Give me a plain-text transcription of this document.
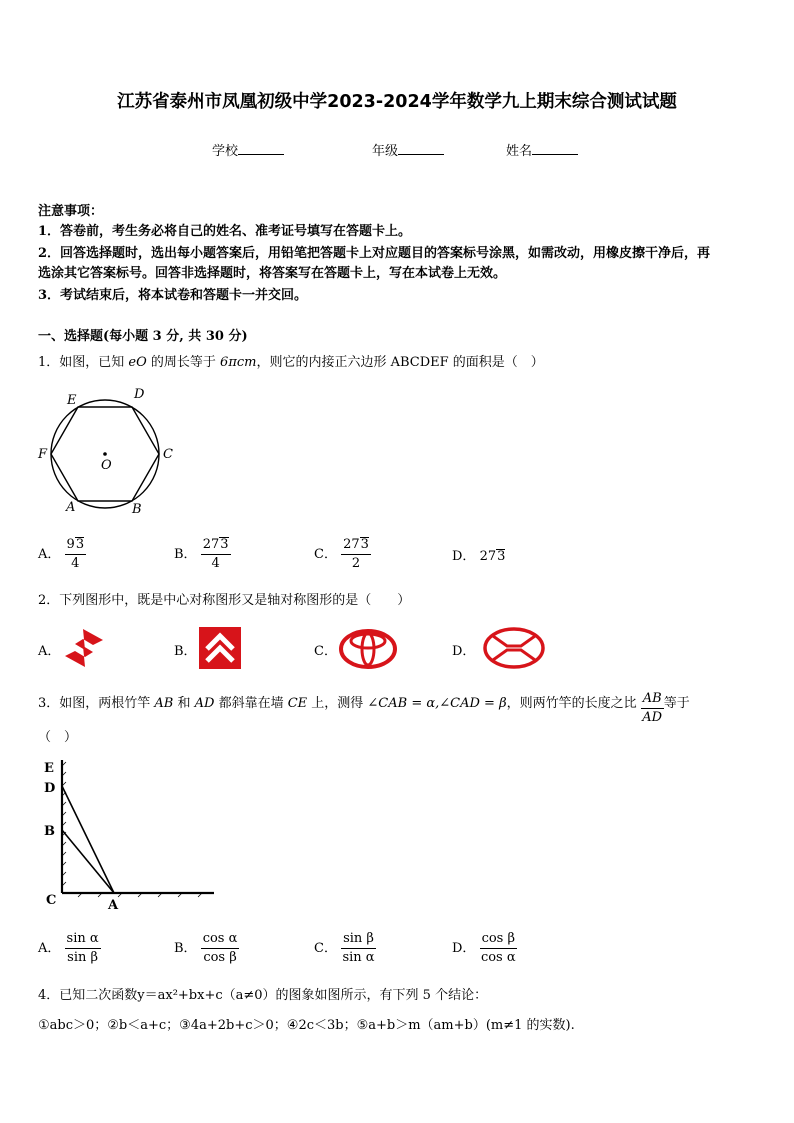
江苏省泰州市凤凰初级中学2023-2024学年数学九上期末综合测试试题
学校	年级	姓名
注意事项：
1．答卷前，考生务必将自己的姓名、准考证号填写在答题卡上。
2．回答选择题时，选出每小题答案后，用铅笔把答题卡上对应题目的答案标号涂黑，如需改动，用橡皮擦干净后，再
选涂其它答案标号。回答非选择题时，将答案写在答题卡上，写在本试卷上无效。
3．考试结束后，将本试卷和答题卡一并交回。
一、选择题(每小题 3 分, 共 30 分)
1．如图，已知 eO 的周长等于 6πcm，则它的内接正六边形 ABCDEF 的面积是（　）
O
E	D
C
F
A	B
A． $\frac{93}{4}$	B． $\frac{273}{4}$	C． $\frac{273}{2}$	D． 273
2．下列图形中，既是中心对称图形又是轴对称图形的是（　　）
A．	B．	C．	D．
3．如图，两根竹竿 AB 和 AD 都斜靠在墙 CE 上，测得 ∠CAB = α,∠CAD = β，则两竹竿的长度之比 $\frac{AB}{AD}$ 等于
（　）
E
D
B
C	A
A． $\frac{\text{sin α}}{\text{sin β}}$	B． $\frac{\text{cos α}}{\text{cos β}}$	C． $\frac{\text{sin β}}{\text{sin α}}$	D． $\frac{\text{cos β}}{\text{cos α}}$
4．已知二次函数y＝ax²+bx+c（a≠0）的图象如图所示，有下列 5 个结论：
①abc＞0；②b＜a+c；③4a+2b+c＞0；④2c＜3b；⑤a+b＞m（am+b）(m≠1 的实数).
